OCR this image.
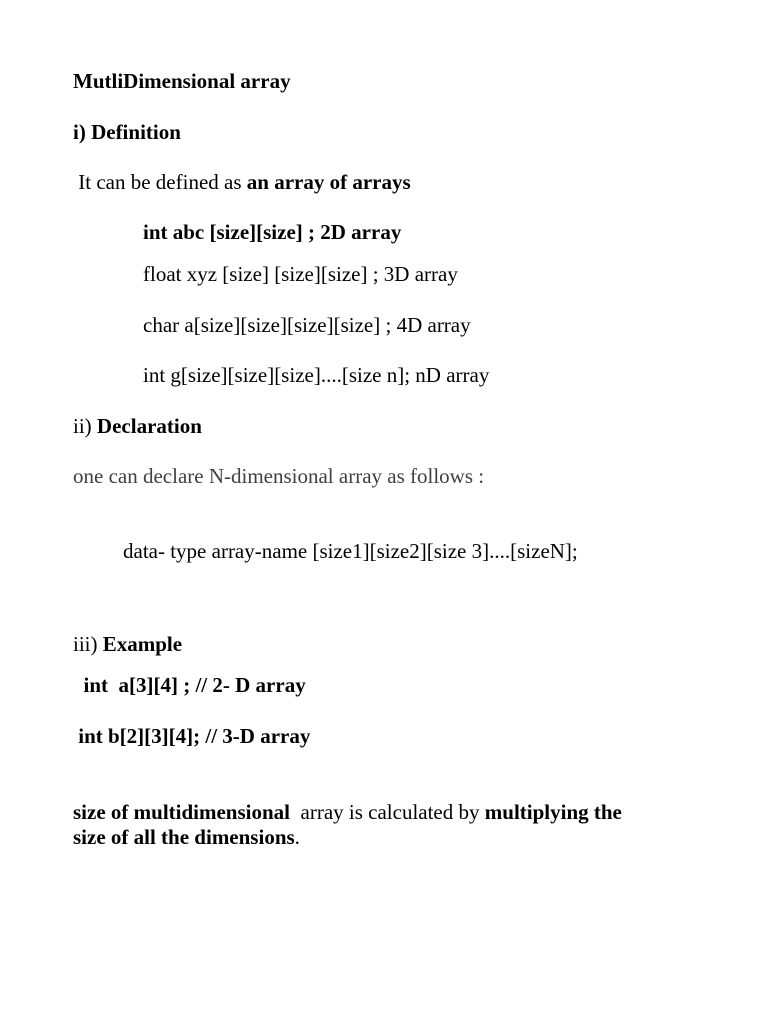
MutliDimensional array
i) Definition
It can be defined as an array of arrays
int abc [size][size] ; 2D array
float xyz [size] [size][size] ; 3D array
char a[size][size][size][size] ; 4D array
int g[size][size][size]....[size n]; nD array
ii) Declaration
one can declare N-dimensional array as follows :
data- type array-name [size1][size2][size 3]....[sizeN];
iii) Example
int  a[3][4] ; // 2- D array
int b[2][3][4]; // 3-D array
size of multidimensional  array is calculated by multiplying the
size of all the dimensions.
